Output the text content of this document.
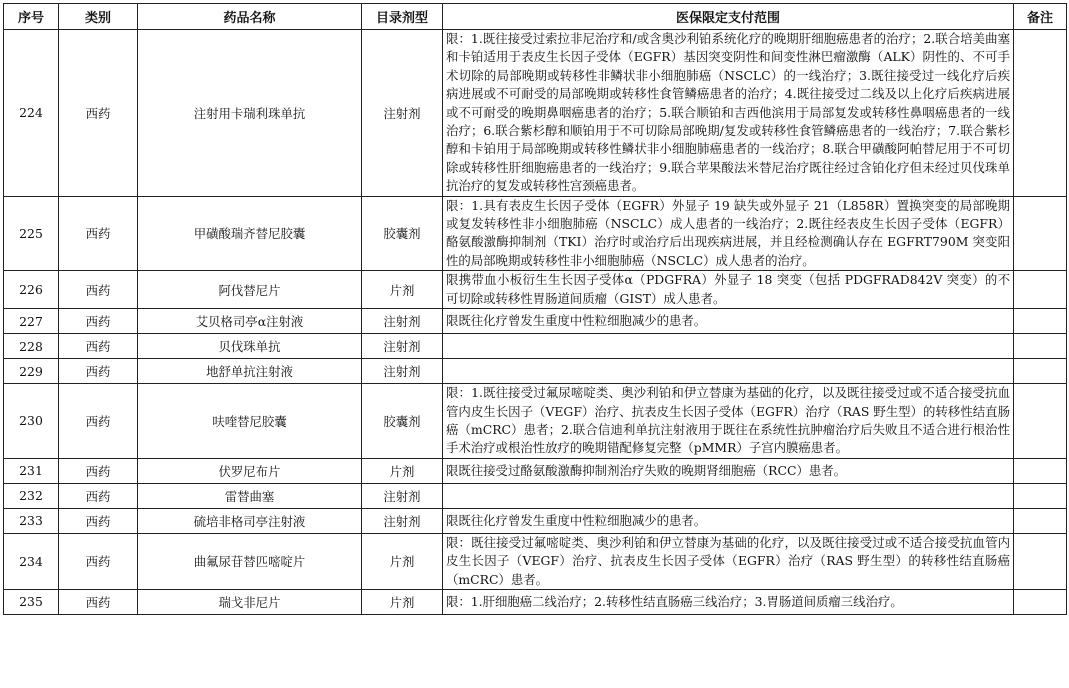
序号	类别	药品名称	目录剂型	医保限定支付范围	备注
224	西药	注射用卡瑞利珠单抗	注射剂	限：1.既往接受过索拉非尼治疗和/或含奥沙利铂系统化疗的晚期肝细胞癌患者的治疗；2.联合培美曲塞和卡铂适用于表皮生长因子受体（EGFR）基因突变阴性和间变性淋巴瘤激酶（ALK）阴性的、不可手术切除的局部晚期或转移性非鳞状非小细胞肺癌（NSCLC）的一线治疗；3.既往接受过一线化疗后疾病进展或不可耐受的局部晚期或转移性食管鳞癌患者的治疗；4.既往接受过二线及以上化疗后疾病进展或不可耐受的晚期鼻咽癌患者的治疗；5.联合顺铂和吉西他滨用于局部复发或转移性鼻咽癌患者的一线治疗；6.联合紫杉醇和顺铂用于不可切除局部晚期/复发或转移性食管鳞癌患者的一线治疗；7.联合紫杉醇和卡铂用于局部晚期或转移性鳞状非小细胞肺癌患者的一线治疗；8.联合甲磺酸阿帕替尼用于不可切除或转移性肝细胞癌患者的一线治疗；9.联合苹果酸法米替尼治疗既往经过含铂化疗但未经过贝伐珠单抗治疗的复发或转移性宫颈癌患者。	
225	西药	甲磺酸瑞齐替尼胶囊	胶囊剂	限：1.具有表皮生长因子受体（EGFR）外显子 19 缺失或外显子 21（L858R）置换突变的局部晚期或复发转移性非小细胞肺癌（NSCLC）成人患者的一线治疗；2.既往经表皮生长因子受体（EGFR）酪氨酸激酶抑制剂（TKI）治疗时或治疗后出现疾病进展，并且经检测确认存在 EGFRT790M 突变阳性的局部晚期或转移性非小细胞肺癌（NSCLC）成人患者的治疗。	
226	西药	阿伐替尼片	片剂	限携带血小板衍生生长因子受体α（PDGFRA）外显子 18 突变（包括 PDGFRAD842V 突变）的不可切除或转移性胃肠道间质瘤（GIST）成人患者。	
227	西药	艾贝格司亭α注射液	注射剂	限既往化疗曾发生重度中性粒细胞减少的患者。	
228	西药	贝伐珠单抗	注射剂		
229	西药	地舒单抗注射液	注射剂		
230	西药	呋喹替尼胶囊	胶囊剂	限：1.既往接受过氟尿嘧啶类、奥沙利铂和伊立替康为基础的化疗，以及既往接受过或不适合接受抗血管内皮生长因子（VEGF）治疗、抗表皮生长因子受体（EGFR）治疗（RAS 野生型）的转移性结直肠癌（mCRC）患者；2.联合信迪利单抗注射液用于既往在系统性抗肿瘤治疗后失败且不适合进行根治性手术治疗或根治性放疗的晚期错配修复完整（pMMR）子宫内膜癌患者。	
231	西药	伏罗尼布片	片剂	限既往接受过酪氨酸激酶抑制剂治疗失败的晚期肾细胞癌（RCC）患者。	
232	西药	雷替曲塞	注射剂		
233	西药	硫培非格司亭注射液	注射剂	限既往化疗曾发生重度中性粒细胞减少的患者。	
234	西药	曲氟尿苷替匹嘧啶片	片剂	限：既往接受过氟嘧啶类、奥沙利铂和伊立替康为基础的化疗，以及既往接受过或不适合接受抗血管内皮生长因子（VEGF）治疗、抗表皮生长因子受体（EGFR）治疗（RAS 野生型）的转移性结直肠癌（mCRC）患者。	
235	西药	瑞戈非尼片	片剂	限：1.肝细胞癌二线治疗；2.转移性结直肠癌三线治疗；3.胃肠道间质瘤三线治疗。	
